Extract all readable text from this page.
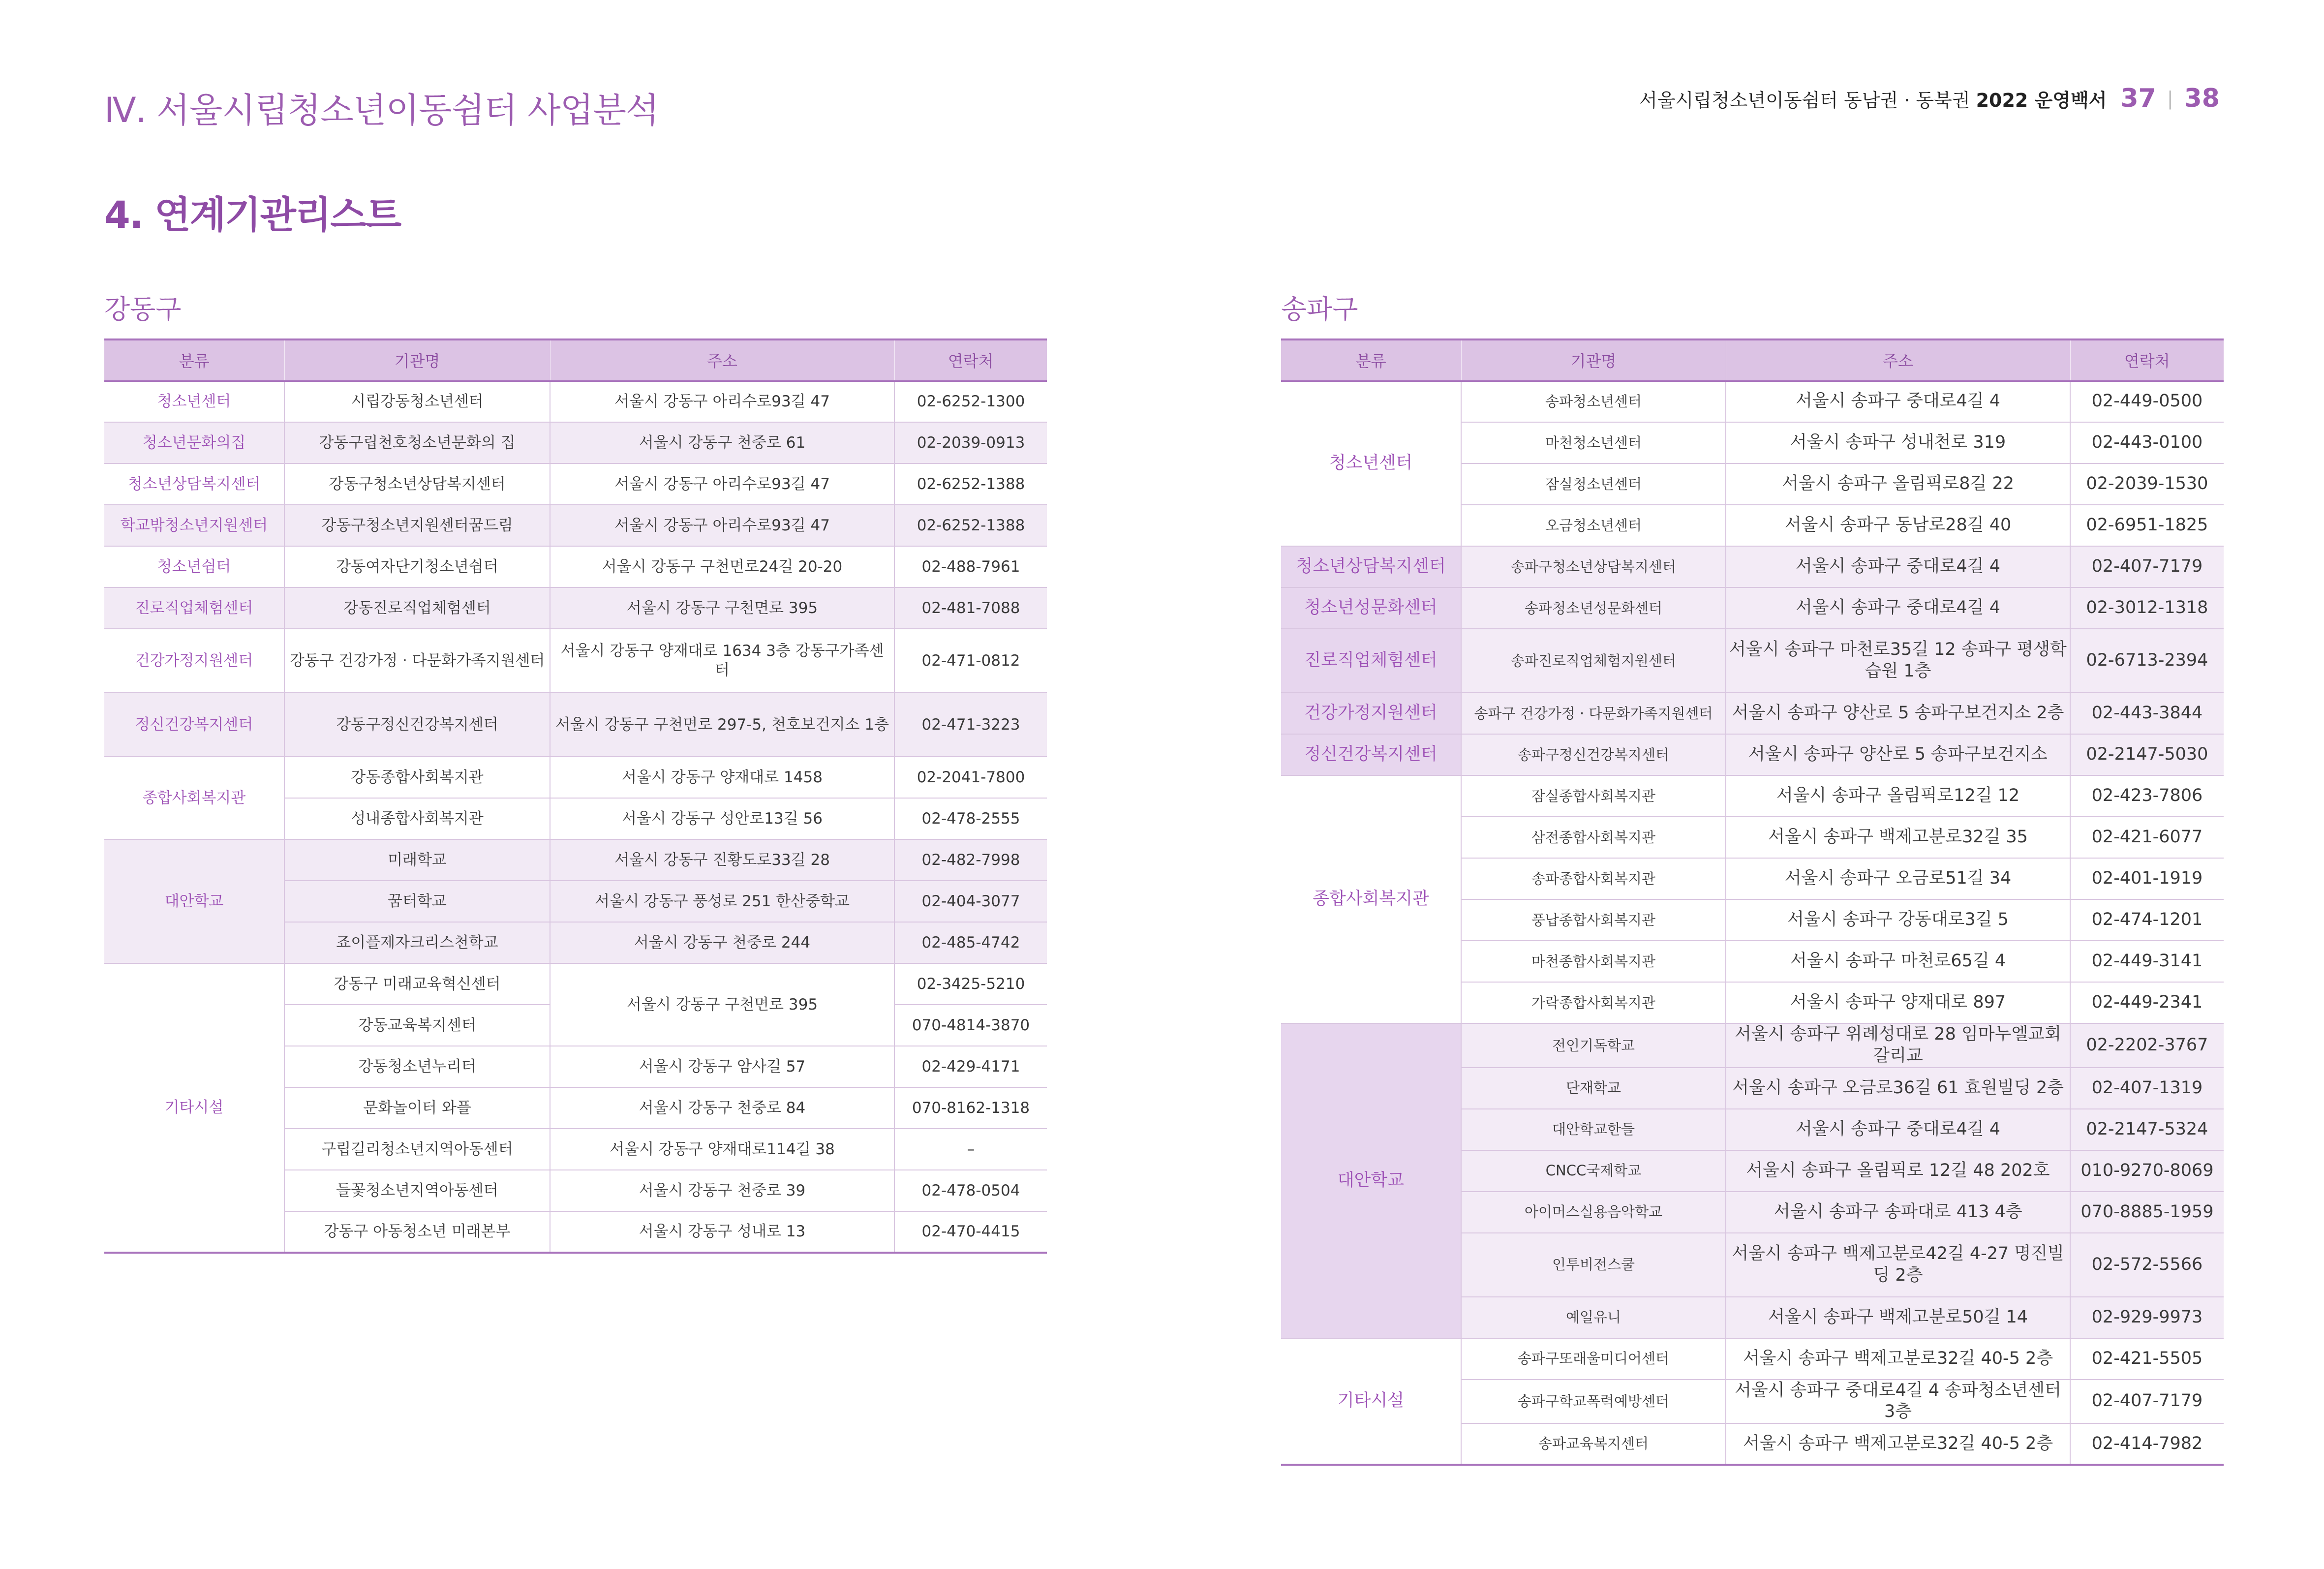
Ⅳ. 서울시립청소년이동쉼터 사업분석	서울시립청소년이동쉼터 동남권 · 동북권 2022 운영백서 37 | 38
4. 연계기관리스트
강동구	송파구
분류	기관명	주소	연락처
청소년센터	시립강동청소년센터	서울시 강동구 아리수로93길 47	02-6252-1300
청소년문화의집	강동구립천호청소년문화의 집	서울시 강동구 천중로 61	02-2039-0913
청소년상담복지센터	강동구청소년상담복지센터	서울시 강동구 아리수로93길 47	02-6252-1388
학교밖청소년지원센터	강동구청소년지원센터꿈드림	서울시 강동구 아리수로93길 47	02-6252-1388
청소년쉼터	강동여자단기청소년쉼터	서울시 강동구 구천면로24길 20-20	02-488-7961
진로직업체험센터	강동진로직업체험센터	서울시 강동구 구천면로 395	02-481-7088
건강가정지원센터	강동구 건강가정 · 다문화가족지원센터	서울시 강동구 양재대로 1634 3층 강동구가족센터	02-471-0812
정신건강복지센터	강동구정신건강복지센터	서울시 강동구 구천면로 297-5, 천호보건지소 1층	02-471-3223
종합사회복지관	강동종합사회복지관	서울시 강동구 양재대로 1458	02-2041-7800
	성내종합사회복지관	서울시 강동구 성안로13길 56	02-478-2555
대안학교	미래학교	서울시 강동구 진황도로33길 28	02-482-7998
	꿈터학교	서울시 강동구 풍성로 251 한산중학교	02-404-3077
	죠이플제자크리스천학교	서울시 강동구 천중로 244	02-485-4742
기타시설	강동구 미래교육혁신센터	서울시 강동구 구천면로 395	02-3425-5210
	강동교육복지센터		070-4814-3870
	강동청소년누리터	서울시 강동구 암사길 57	02-429-4171
	문화놀이터 와플	서울시 강동구 천중로 84	070-8162-1318
	구립길리청소년지역아동센터	서울시 강동구 양재대로114길 38	–
	들꽃청소년지역아동센터	서울시 강동구 천중로 39	02-478-0504
	강동구 아동청소년 미래본부	서울시 강동구 성내로 13	02-470-4415
분류	기관명	주소	연락처
청소년센터	송파청소년센터	서울시 송파구 중대로4길 4	02-449-0500
	마천청소년센터	서울시 송파구 성내천로 319	02-443-0100
	잠실청소년센터	서울시 송파구 올림픽로8길 22	02-2039-1530
	오금청소년센터	서울시 송파구 동남로28길 40	02-6951-1825
청소년상담복지센터	송파구청소년상담복지센터	서울시 송파구 중대로4길 4	02-407-7179
청소년성문화센터	송파청소년성문화센터	서울시 송파구 중대로4길 4	02-3012-1318
진로직업체험센터	송파진로직업체험지원센터	서울시 송파구 마천로35길 12 송파구 평생학습원 1층	02-6713-2394
건강가정지원센터	송파구 건강가정 · 다문화가족지원센터	서울시 송파구 양산로 5 송파구보건지소 2층	02-443-3844
정신건강복지센터	송파구정신건강복지센터	서울시 송파구 양산로 5 송파구보건지소	02-2147-5030
종합사회복지관	잠실종합사회복지관	서울시 송파구 올림픽로12길 12	02-423-7806
	삼전종합사회복지관	서울시 송파구 백제고분로32길 35	02-421-6077
	송파종합사회복지관	서울시 송파구 오금로51길 34	02-401-1919
	풍납종합사회복지관	서울시 송파구 강동대로3길 5	02-474-1201
	마천종합사회복지관	서울시 송파구 마천로65길 4	02-449-3141
	가락종합사회복지관	서울시 송파구 양재대로 897	02-449-2341
대안학교	전인기독학교	서울시 송파구 위례성대로 28 임마누엘교회갈리교	02-2202-3767
	단재학교	서울시 송파구 오금로36길 61 효원빌딩 2층	02-407-1319
	대안학교한들	서울시 송파구 중대로4길 4	02-2147-5324
	CNCC국제학교	서울시 송파구 올림픽로 12길 48 202호	010-9270-8069
	아이머스실용음악학교	서울시 송파구 송파대로 413 4층	070-8885-1959
	인투비전스쿨	서울시 송파구 백제고분로42길 4-27 명진빌딩 2층	02-572-5566
	예일유니	서울시 송파구 백제고분로50길 14	02-929-9973
기타시설	송파구또래울미디어센터	서울시 송파구 백제고분로32길 40-5 2층	02-421-5505
	송파구학교폭력예방센터	서울시 송파구 중대로4길 4 송파청소년센터 3층	02-407-7179
	송파교육복지센터	서울시 송파구 백제고분로32길 40-5 2층	02-414-7982
